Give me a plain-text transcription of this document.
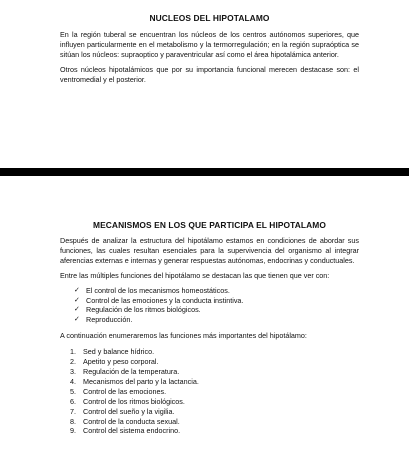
NUCLEOS DEL HIPOTALAMO

En la región tuberal se encuentran los núcleos de los centros autónomos superiores, que influyen particularmente en el metabolismo y la termorregulación; en la región supraóptica se sitúan los núcleos: supraoptico y paraventricular así como el área hipotalámica anterior.

Otros núcleos hipotalámicos que por su importancia funcional merecen destacase son: el ventromedial y el posterior.

MECANISMOS EN LOS QUE PARTICIPA EL HIPOTALAMO

Después de analizar la estructura del hipotálamo estamos en condiciones de abordar sus funciones, las cuales resultan esenciales para la supervivencia del organismo al integrar aferencias externas e internas y generar respuestas autónomas, endocrinas y conductuales.

Entre las múltiples funciones del hipotálamo se destacan las que tienen que ver con:

✓ El control de los mecanismos homeostáticos.
✓ Control de las emociones y la conducta instintiva.
✓ Regulación de los ritmos biológicos.
✓ Reproducción.

A continuación enumeraremos las funciones más importantes del hipotálamo:

1. Sed y balance hídrico.
2. Apetito y peso corporal.
3. Regulación de la temperatura.
4. Mecanismos del parto y la lactancia.
5. Control de las emociones.
6. Control de los ritmos biológicos.
7. Control del sueño y la vigilia.
8. Control de la conducta sexual.
9. Control del sistema endocrino.
